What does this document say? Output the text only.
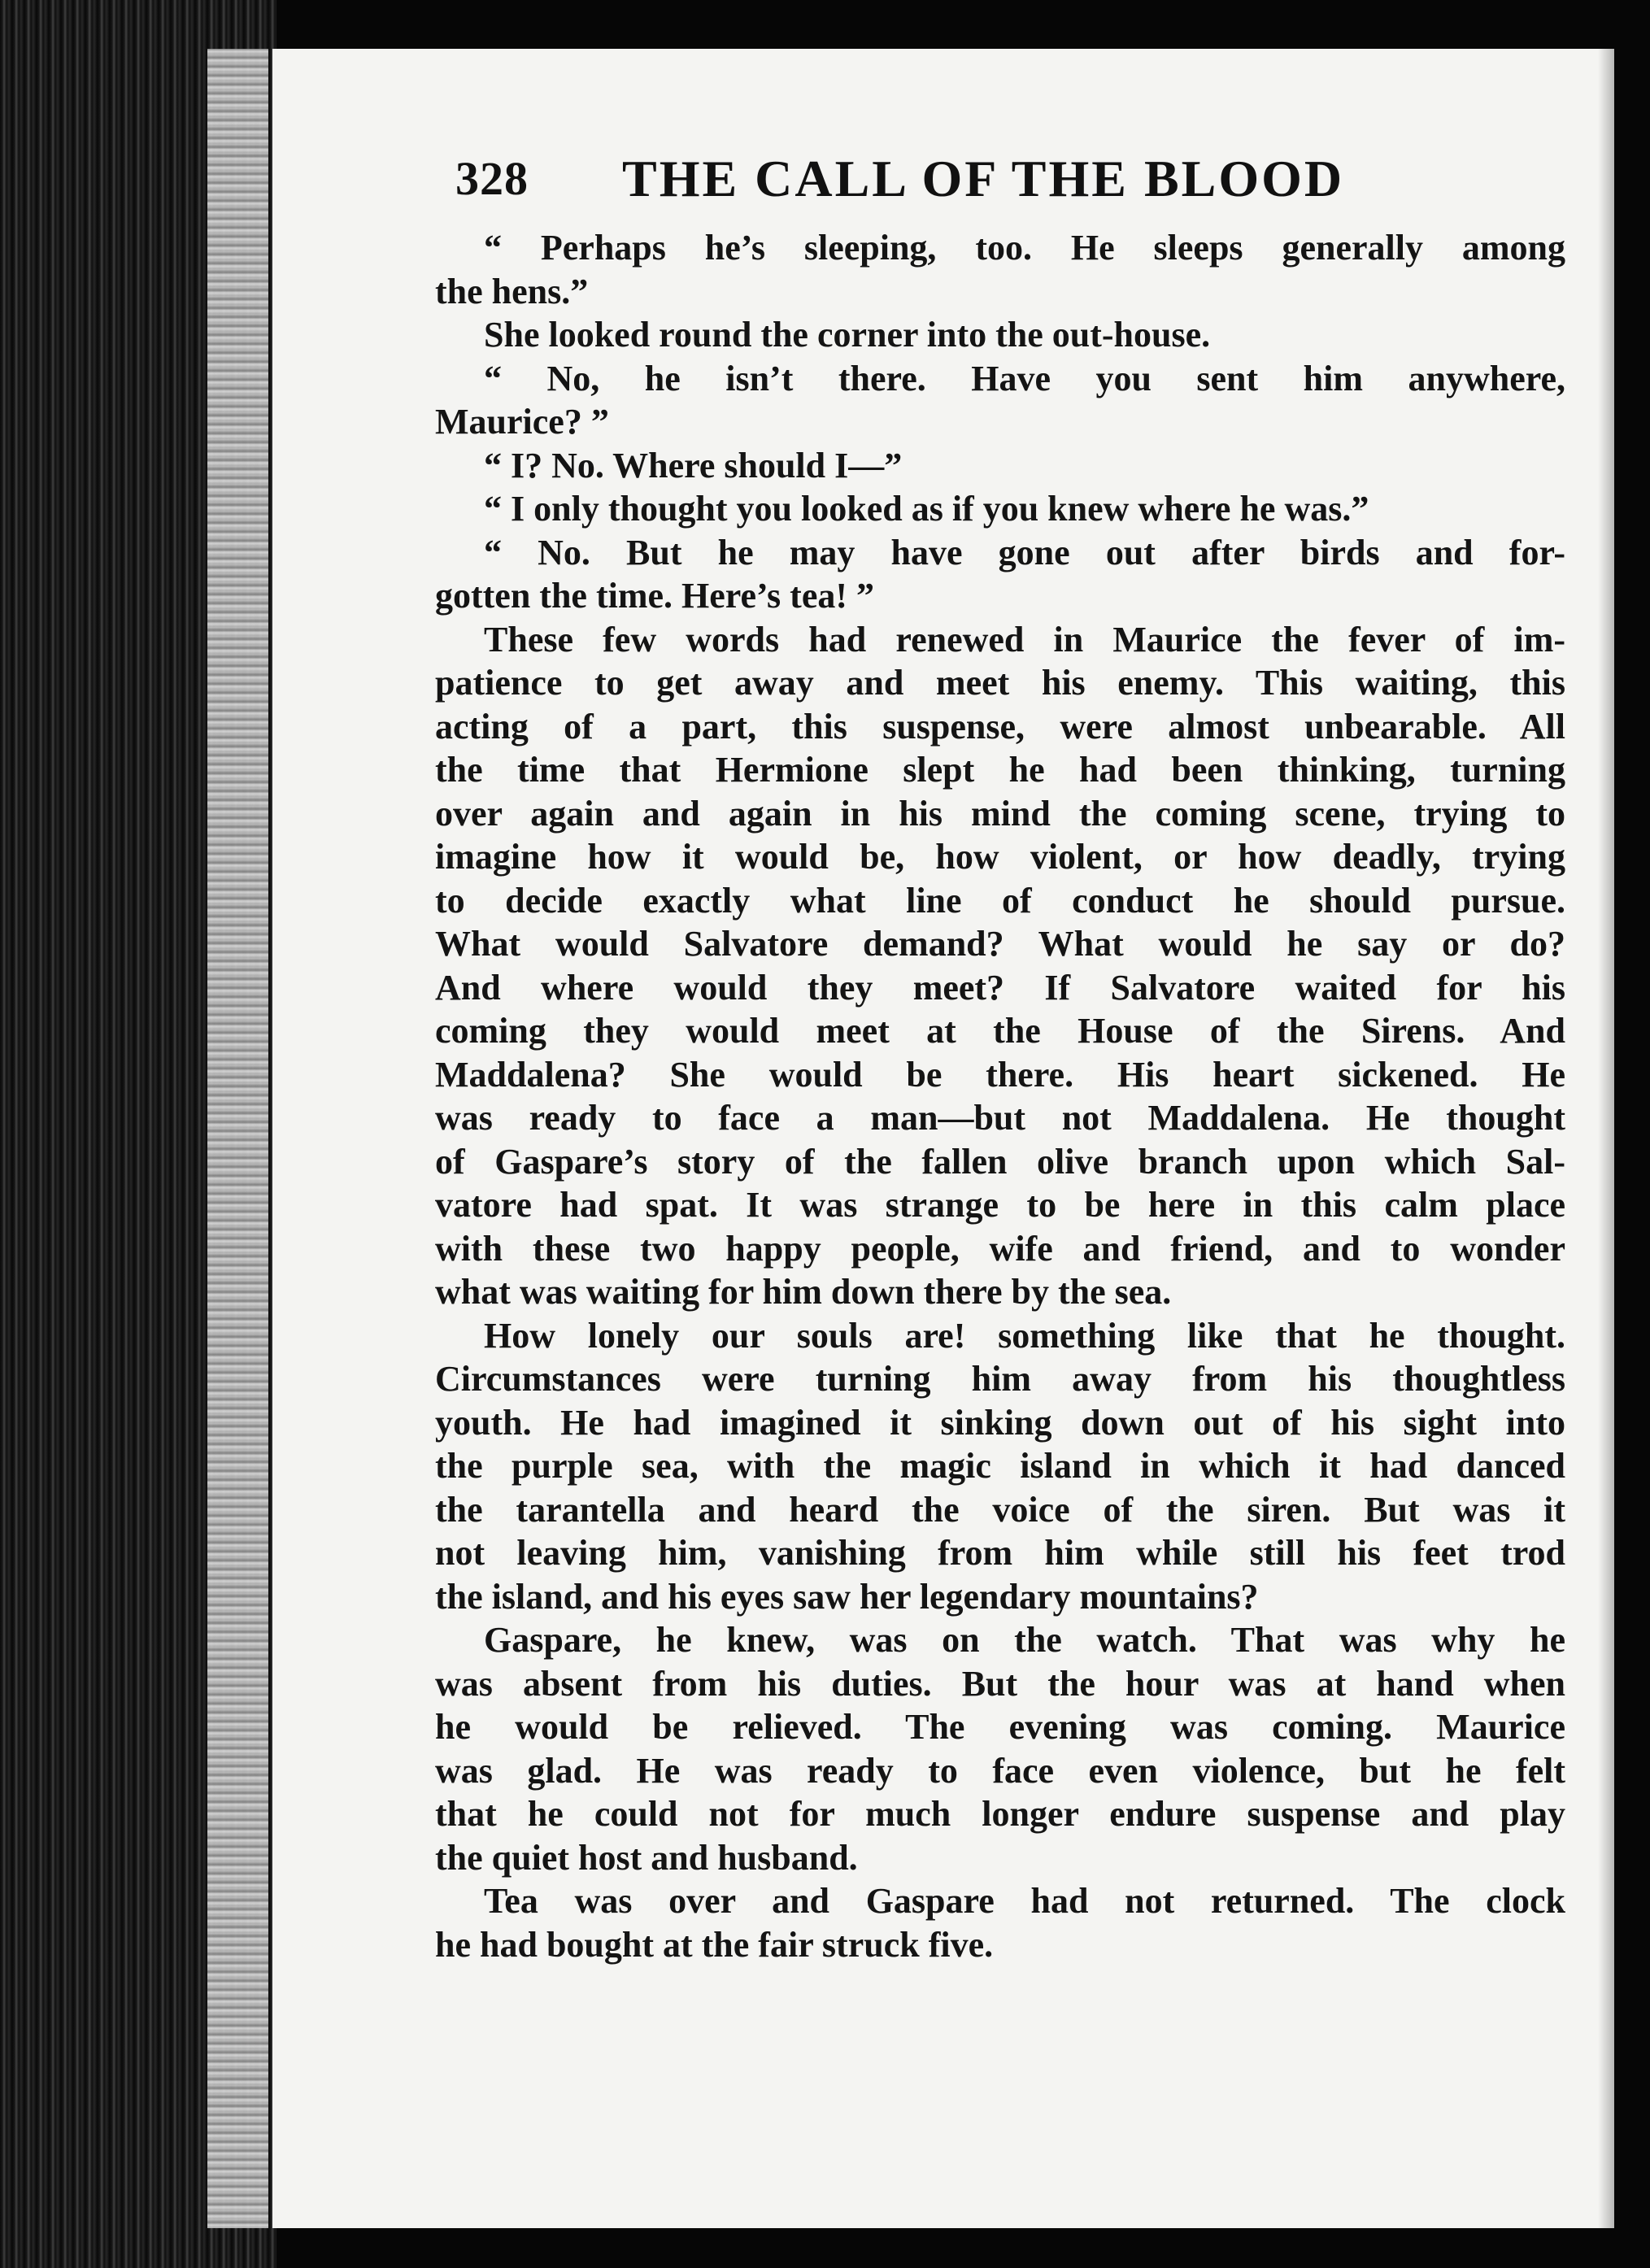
328 THE CALL OF THE BLOOD
“ Perhaps he’s sleeping, too. He sleeps generally among
the hens.”
She looked round the corner into the out-house.
“ No, he isn’t there. Have you sent him anywhere,
Maurice? ”
“ I? No. Where should I—”
“ I only thought you looked as if you knew where he was.”
“ No. But he may have gone out after birds and for-
gotten the time. Here’s tea! ”
These few words had renewed in Maurice the fever of im-
patience to get away and meet his enemy. This waiting, this
acting of a part, this suspense, were almost unbearable. All
the time that Hermione slept he had been thinking, turning
over again and again in his mind the coming scene, trying to
imagine how it would be, how violent, or how deadly, trying
to decide exactly what line of conduct he should pursue.
What would Salvatore demand? What would he say or do?
And where would they meet? If Salvatore waited for his
coming they would meet at the House of the Sirens. And
Maddalena? She would be there. His heart sickened. He
was ready to face a man—but not Maddalena. He thought
of Gaspare’s story of the fallen olive branch upon which Sal-
vatore had spat. It was strange to be here in this calm place
with these two happy people, wife and friend, and to wonder
what was waiting for him down there by the sea.
How lonely our souls are! something like that he thought.
Circumstances were turning him away from his thoughtless
youth. He had imagined it sinking down out of his sight into
the purple sea, with the magic island in which it had danced
the tarantella and heard the voice of the siren. But was it
not leaving him, vanishing from him while still his feet trod
the island, and his eyes saw her legendary mountains?
Gaspare, he knew, was on the watch. That was why he
was absent from his duties. But the hour was at hand when
he would be relieved. The evening was coming. Maurice
was glad. He was ready to face even violence, but he felt
that he could not for much longer endure suspense and play
the quiet host and husband.
Tea was over and Gaspare had not returned. The clock
he had bought at the fair struck five.
